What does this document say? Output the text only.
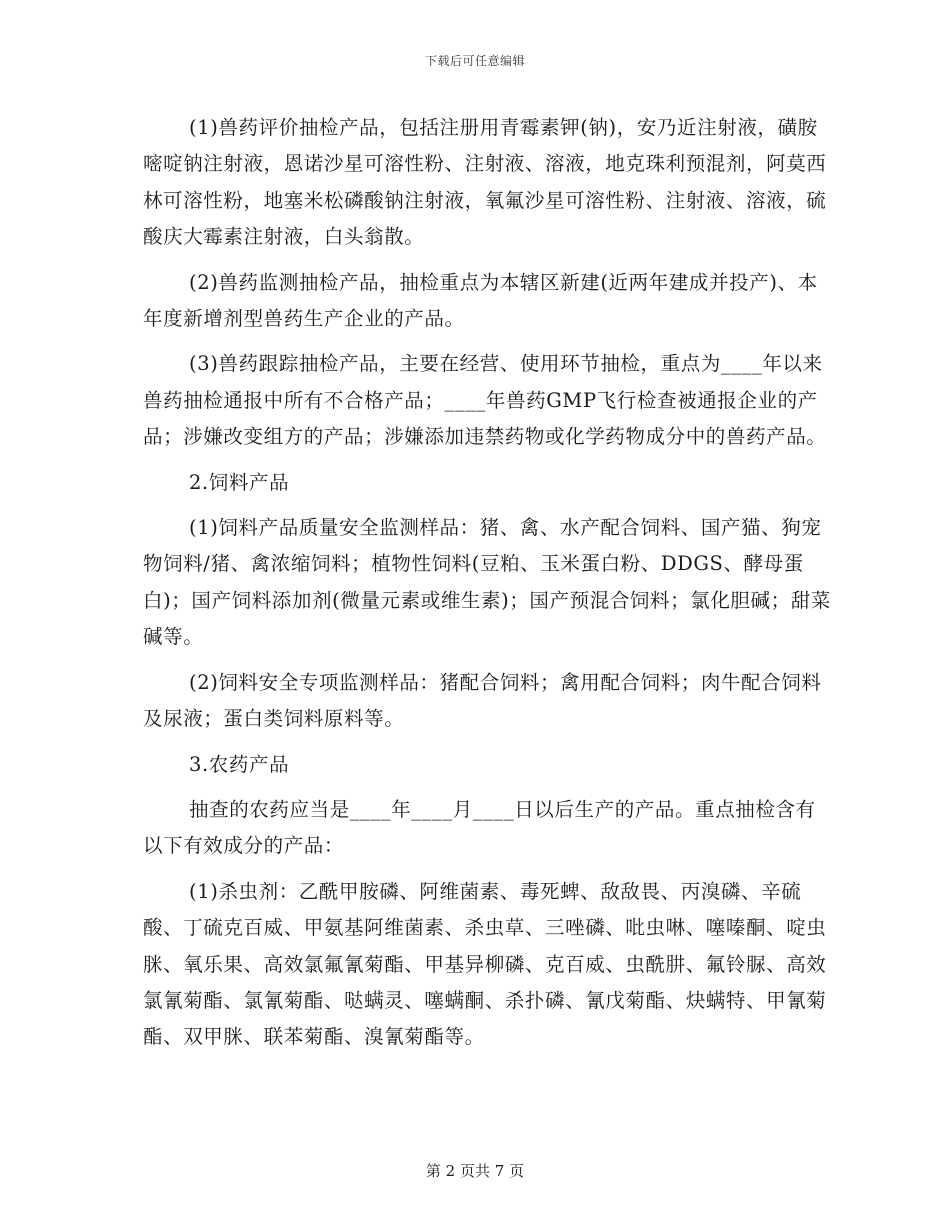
下载后可任意编辑

(1)兽药评价抽检产品，包括注册用青霉素钾(钠)，安乃近注射液，磺胺嘧啶钠注射液，恩诺沙星可溶性粉、注射液、溶液，地克珠利预混剂，阿莫西林可溶性粉，地塞米松磷酸钠注射液，氧氟沙星可溶性粉、注射液、溶液，硫酸庆大霉素注射液，白头翁散。

(2)兽药监测抽检产品，抽检重点为本辖区新建(近两年建成并投产)、本年度新增剂型兽药生产企业的产品。

(3)兽药跟踪抽检产品，主要在经营、使用环节抽检，重点为____年以来兽药抽检通报中所有不合格产品；____年兽药GMP飞行检查被通报企业的产品；涉嫌改变组方的产品；涉嫌添加违禁药物或化学药物成分中的兽药产品。

2.饲料产品

(1)饲料产品质量安全监测样品：猪、禽、水产配合饲料、国产猫、狗宠物饲料/猪、禽浓缩饲料；植物性饲料(豆粕、玉米蛋白粉、DDGS、酵母蛋白)；国产饲料添加剂(微量元素或维生素)；国产预混合饲料；氯化胆碱；甜菜碱等。

(2)饲料安全专项监测样品：猪配合饲料；禽用配合饲料；肉牛配合饲料及尿液；蛋白类饲料原料等。

3.农药产品

抽查的农药应当是____年____月____日以后生产的产品。重点抽检含有以下有效成分的产品：

(1)杀虫剂：乙酰甲胺磷、阿维菌素、毒死蜱、敌敌畏、丙溴磷、辛硫酸、丁硫克百威、甲氨基阿维菌素、杀虫草、三唑磷、吡虫啉、噻嗪酮、啶虫脒、氧乐果、高效氯氟氰菊酯、甲基异柳磷、克百威、虫酰肼、氟铃脲、高效氯氰菊酯、氯氰菊酯、哒螨灵、噻螨酮、杀扑磷、氰戊菊酯、炔螨特、甲氰菊酯、双甲脒、联苯菊酯、溴氰菊酯等。

第 2 页共 7 页
